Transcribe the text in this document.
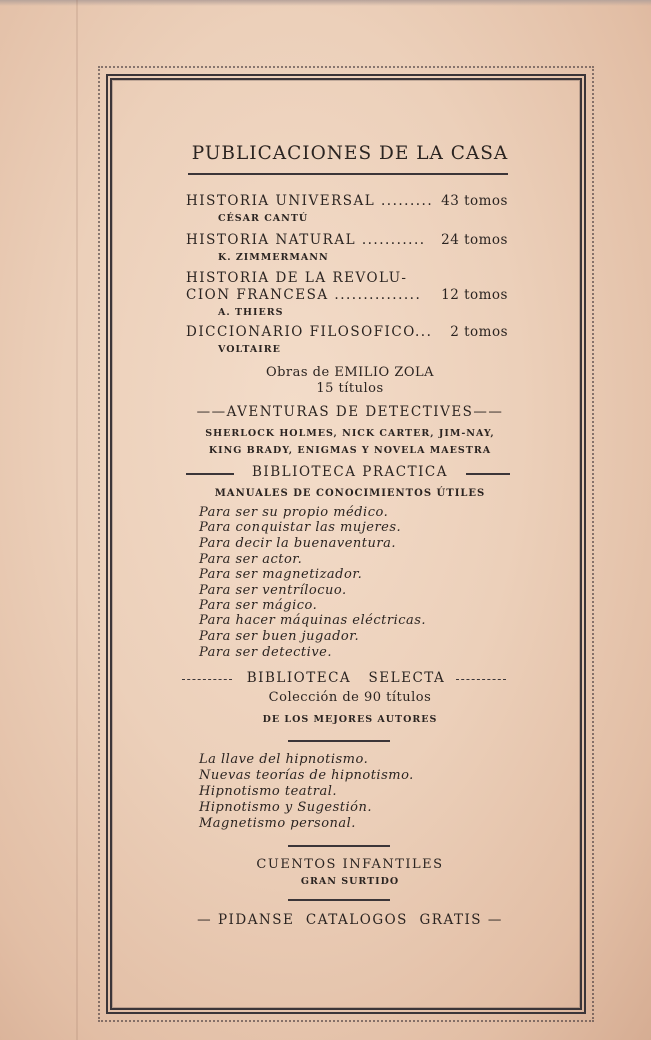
PUBLICACIONES DE LA CASA
HISTORIA UNIVERSAL ......... 43 tomos
CÉSAR CANTÚ
HISTORIA NATURAL ...........	24 tomos
K. ZIMMERMANN
HISTORIA DE LA REVOLU-
CION FRANCESA ...............	12 tomos
A. THIERS
DICCIONARIO FILOSOFICO...	2 tomos
VOLTAIRE
Obras de EMILIO ZOLA
15 títulos
——AVENTURAS DE DETECTIVES——
SHERLOCK HOLMES, NICK CARTER, JIM-NAY,
KING BRADY, ENIGMAS Y NOVELA MAESTRA
BIBLIOTECA PRACTICA
MANUALES DE CONOCIMIENTOS ÚTILES
Para ser su propio médico.
Para conquistar las mujeres.
Para decir la buenaventura.
Para ser actor.
Para ser magnetizador.
Para ser ventrílocuo.
Para ser mágico.
Para hacer máquinas eléctricas.
Para ser buen jugador.
Para ser detective.
BIBLIOTECA   SELECTA
Colección de 90 títulos
DE LOS MEJORES AUTORES
La llave del hipnotismo.
Nuevas teorías de hipnotismo.
Hipnotismo teatral.
Hipnotismo y Sugestión.
Magnetismo personal.
CUENTOS INFANTILES
GRAN SURTIDO
— PIDANSE  CATALOGOS  GRATIS —
